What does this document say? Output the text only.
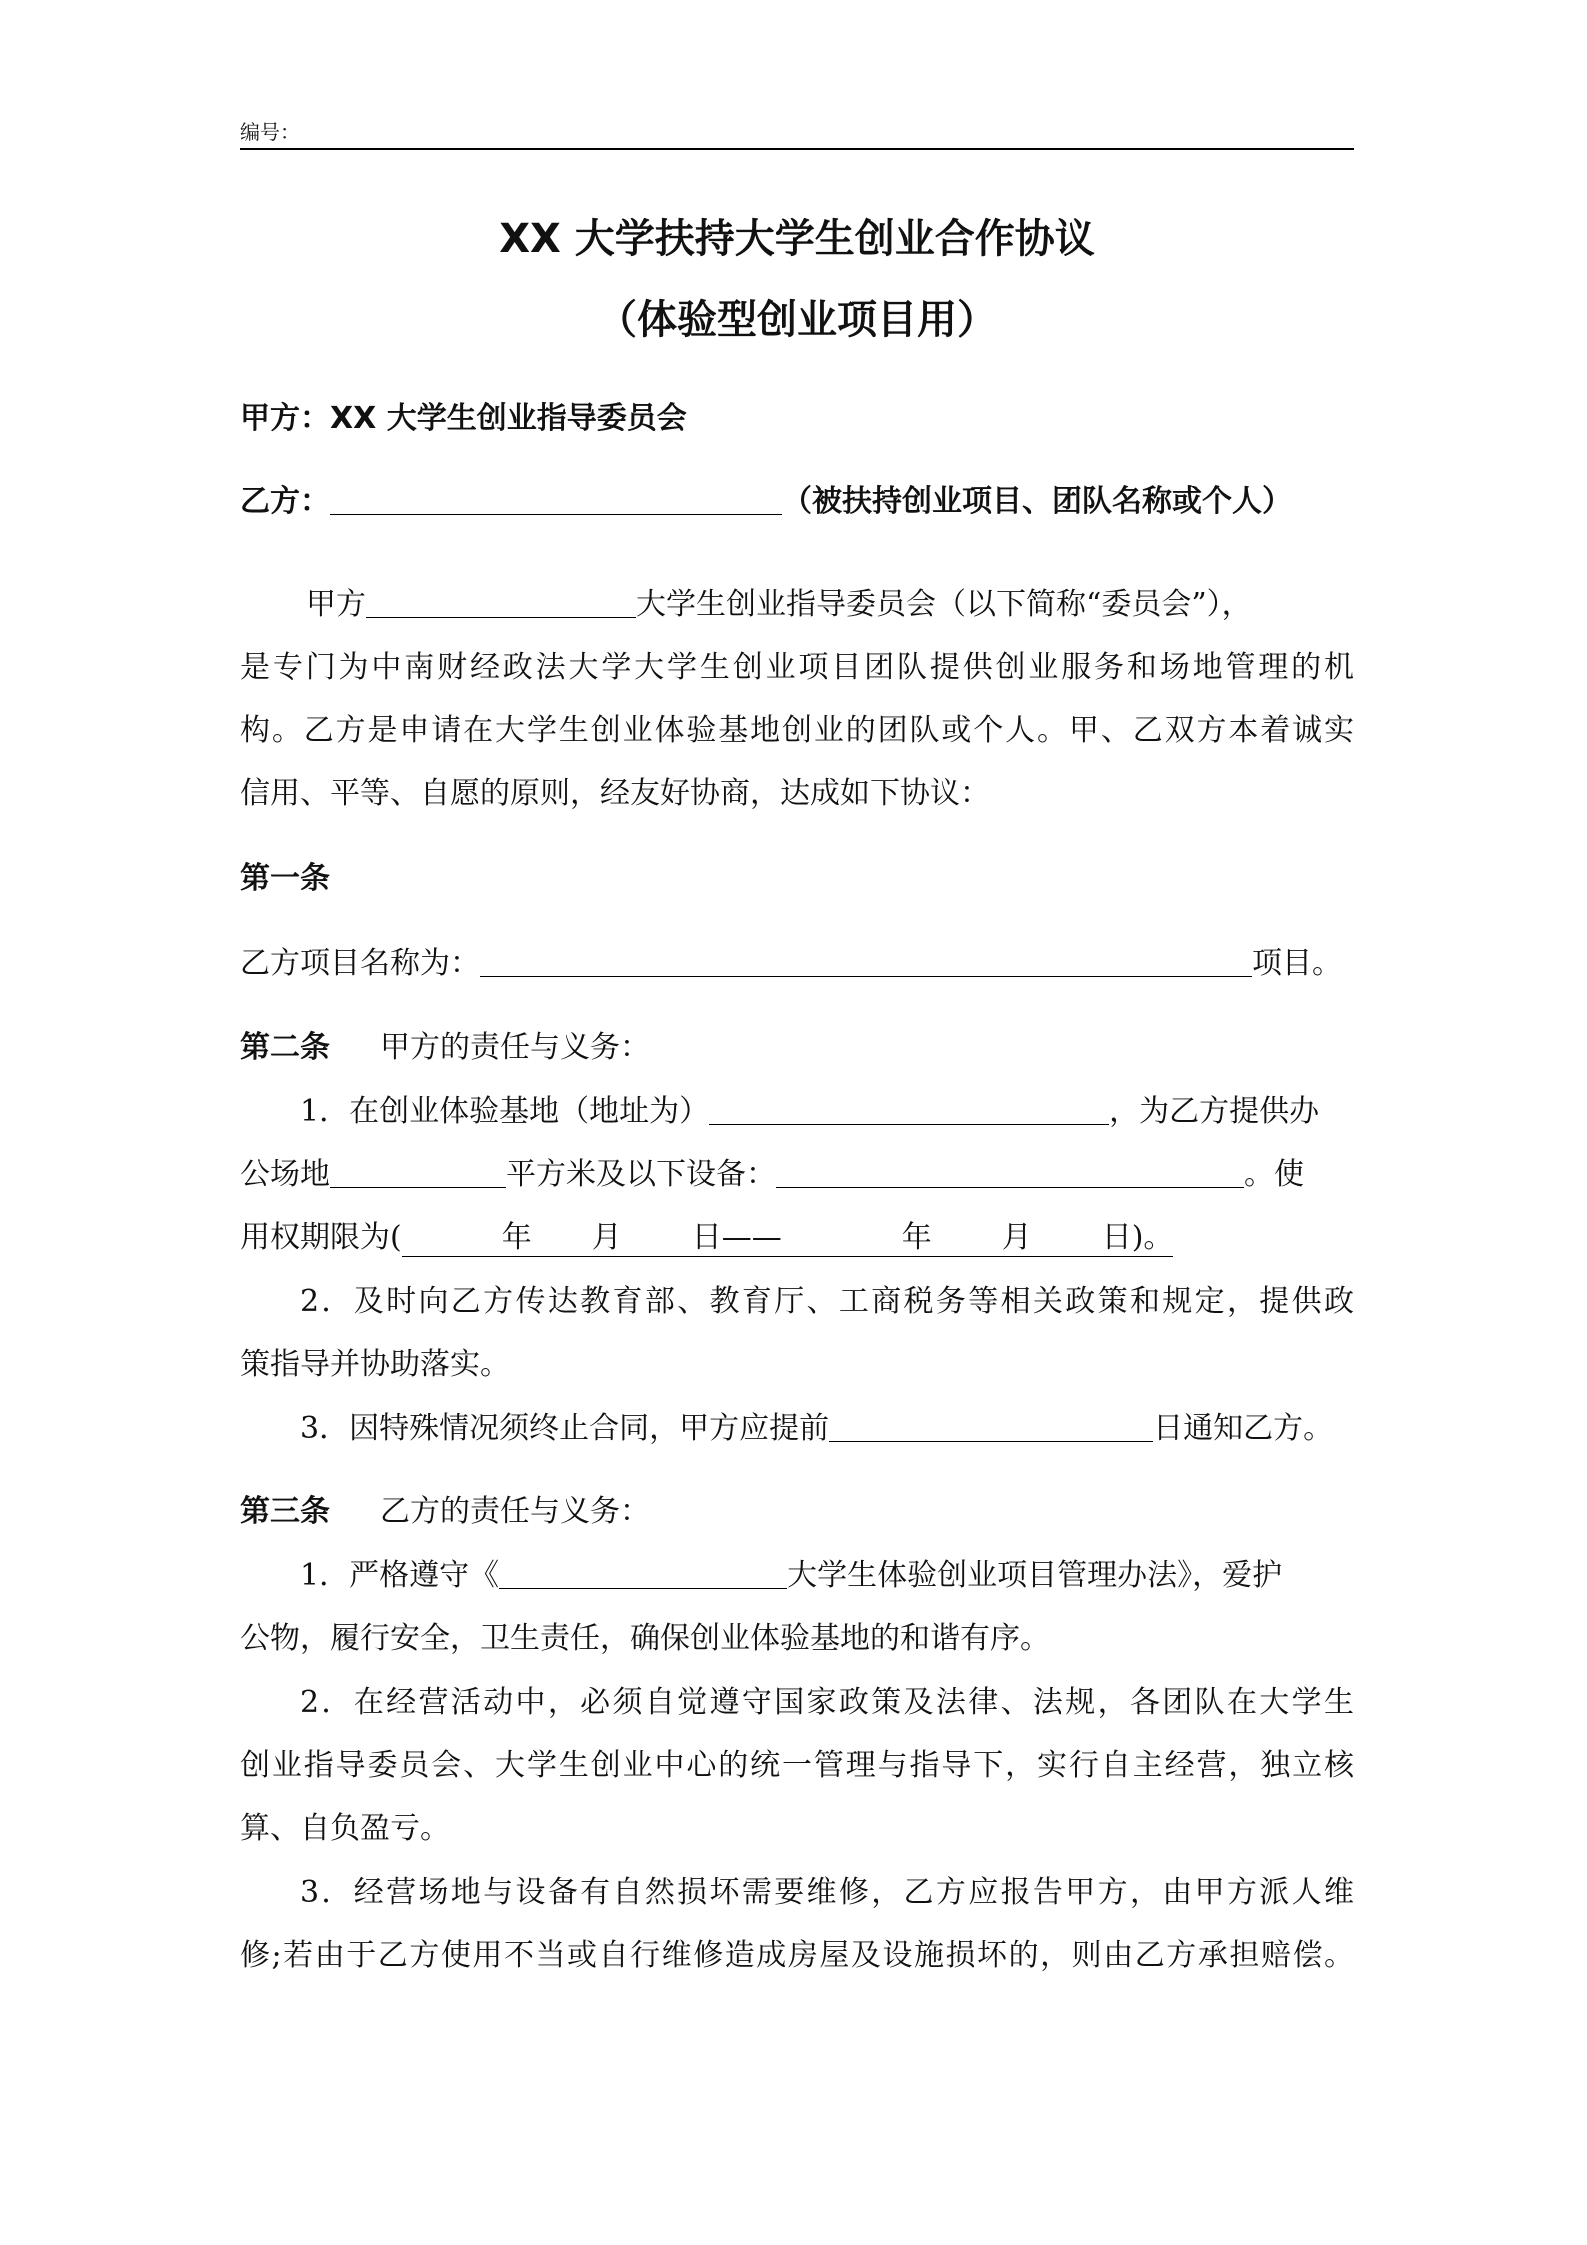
编号：
XX 大学扶持大学生创业合作协议
（体验型创业项目用）
甲方：XX 大学生创业指导委员会
乙方：	（被扶持创业项目、团队名称或个人）
甲方	大学生创业指导委员会（以下简称“委员会”），
是专门为中南财经政法大学大学生创业项目团队提供创业服务和场地管理的机
构。乙方是申请在大学生创业体验基地创业的团队或个人。甲、乙双方本着诚实
信用、平等、自愿的原则，经友好协商，达成如下协议：
第一条
乙方项目名称为：	项目。
第二条 甲方的责任与义务：
1．在创业体验基地（地址为）	，为乙方提供办
公场地	平方米及以下设备：	。使
用权期限为(	年 月 日——	年 月 日)。
2．及时向乙方传达教育部、教育厅、工商税务等相关政策和规定，提供政
策指导并协助落实。
3．因特殊情况须终止合同，甲方应提前	日通知乙方。
第三条 乙方的责任与义务：
1．严格遵守《	大学生体验创业项目管理办法》，爱护
公物，履行安全，卫生责任，确保创业体验基地的和谐有序。
2．在经营活动中，必须自觉遵守国家政策及法律、法规，各团队在大学生
创业指导委员会、大学生创业中心的统一管理与指导下，实行自主经营，独立核
算、自负盈亏。
3．经营场地与设备有自然损坏需要维修，乙方应报告甲方，由甲方派人维
修;若由于乙方使用不当或自行维修造成房屋及设施损坏的，则由乙方承担赔偿。
